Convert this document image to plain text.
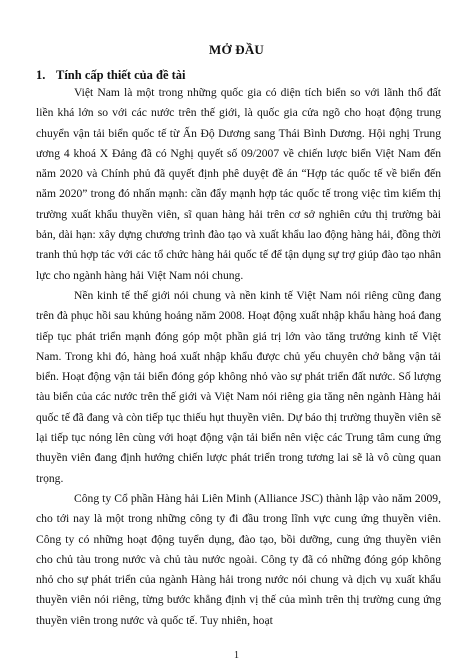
MỞ ĐẦU
1. Tính cấp thiết của đề tài

Việt Nam là một trong những quốc gia có diện tích biển so với lãnh thổ đất liền khá lớn so với các nước trên thế giới, là quốc gia cửa ngõ cho hoạt động trung chuyển vận tải biển quốc tế từ Ấn Độ Dương sang Thái Bình Dương. Hội nghị Trung ương 4 khoá X Đảng đã có Nghị quyết số 09/2007 về chiến lược biển Việt Nam đến năm 2020 và Chính phủ đã quyết định phê duyệt đề án “Hợp tác quốc tế về biển đến năm 2020” trong đó nhấn mạnh: cần đẩy mạnh hợp tác quốc tế trong việc tìm kiếm thị trường xuất khẩu thuyền viên, sĩ quan hàng hải trên cơ sở nghiên cứu thị trường bài bản, dài hạn: xây dựng chương trình đào tạo và xuất khẩu lao động hàng hải, đồng thời tranh thủ hợp tác với các tổ chức hàng hải quốc tế để tận dụng sự trợ giúp đào tạo nhân lực cho ngành hàng hải Việt Nam nói chung.

Nền kinh tế thế giới nói chung và nền kinh tế Việt Nam nói riêng cũng đang trên đà phục hồi sau khủng hoảng năm 2008. Hoạt động xuất nhập khẩu hàng hoá đang tiếp tục phát triển mạnh đóng góp một phần giá trị lớn vào tăng trưởng kinh tế Việt Nam. Trong khi đó, hàng hoá xuất nhập khẩu được chủ yếu chuyên chở bằng vận tải biển. Hoạt động vận tải biển đóng góp không nhỏ vào sự phát triển đất nước. Số lượng tàu biển của các nước trên thế giới và Việt Nam nói riêng gia tăng nên ngành Hàng hải quốc tế đã đang và còn tiếp tục thiếu hụt thuyền viên. Dự báo thị trường thuyền viên sẽ lại tiếp tục nóng lên cùng với hoạt động vận tải biển nên việc các Trung tâm cung ứng thuyền viên đang định hướng chiến lược phát triển trong tương lai sẽ là vô cùng quan trọng.

Công ty Cổ phần Hàng hải Liên Minh (Alliance JSC) thành lập vào năm 2009, cho tới nay là một trong những công ty đi đầu trong lĩnh vực cung ứng thuyền viên. Công ty có những hoạt động tuyển dụng, đào tạo, bồi dưỡng, cung ứng thuyền viên cho chủ tàu trong nước và chủ tàu nước ngoài. Công ty đã có những đóng góp không nhỏ cho sự phát triển của ngành Hàng hải trong nước nói chung và dịch vụ xuất khẩu thuyền viên nói riêng, từng bước khẳng định vị thế của mình trên thị trường cung ứng thuyền viên trong nước và quốc tế. Tuy nhiên, hoạt

1
